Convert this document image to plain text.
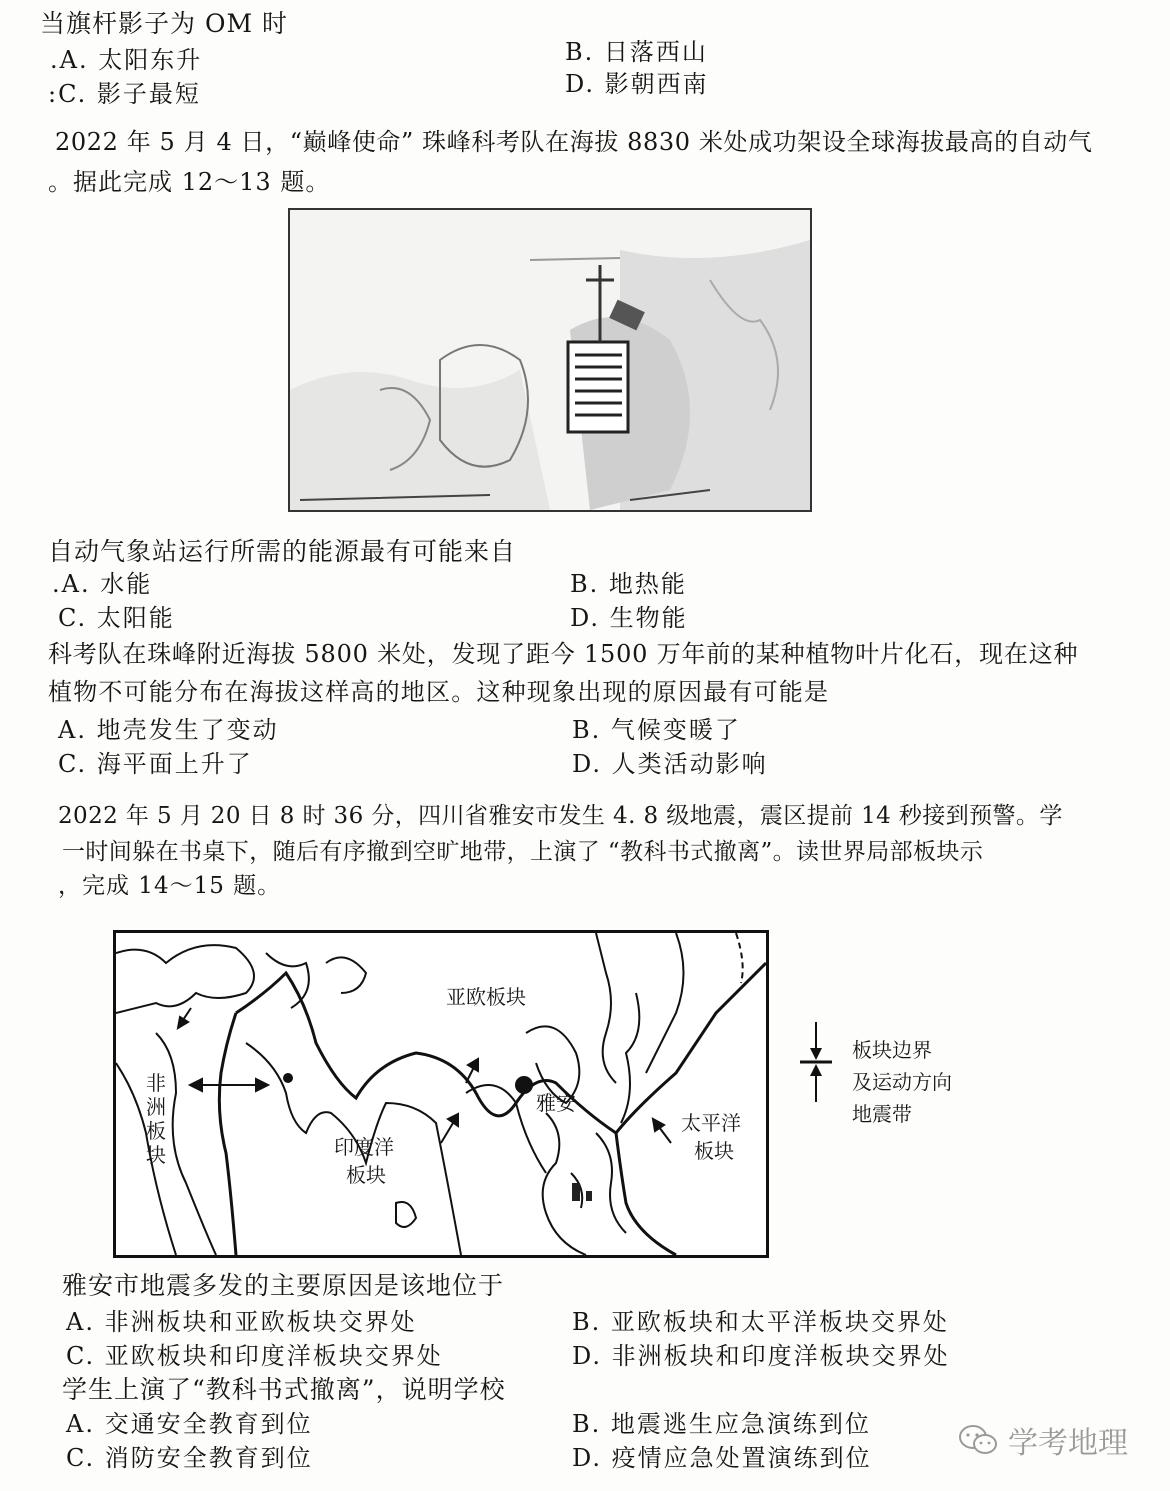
当旗杆影子为 OM 时
.A. 太阳东升	B. 日落西山
:C. 影子最短	D. 影朝西南
2022 年 5 月 4 日，“巅峰使命” 珠峰科考队在海拔 8830 米处成功架设全球海拔最高的自动气
。据此完成 12～13 题。
自动气象站运行所需的能源最有可能来自
.A. 水能	B. 地热能
C. 太阳能	D. 生物能
科考队在珠峰附近海拔 5800 米处，发现了距今 1500 万年前的某种植物叶片化石，现在这种
植物不可能分布在海拔这样高的地区。这种现象出现的原因最有可能是
A. 地壳发生了变动	B. 气候变暖了
C. 海平面上升了	D. 人类活动影响
2022 年 5 月 20 日 8 时 36 分，四川省雅安市发生 4. 8 级地震，震区提前 14 秒接到预警。学
一时间躲在书桌下，随后有序撤到空旷地带，上演了 “教科书式撤离”。读世界局部板块示
，完成 14～15 题。
亚欧板块
非洲板块	印度洋
板块
太平洋
板块
雅安
板块边界
及运动方向
地震带
雅安市地震多发的主要原因是该地位于
A. 非洲板块和亚欧板块交界处	B. 亚欧板块和太平洋板块交界处
C. 亚欧板块和印度洋板块交界处	D. 非洲板块和印度洋板块交界处
学生上演了“教科书式撤离”，说明学校
A. 交通安全教育到位	B. 地震逃生应急演练到位
C. 消防安全教育到位	D. 疫情应急处置演练到位	学考地理
